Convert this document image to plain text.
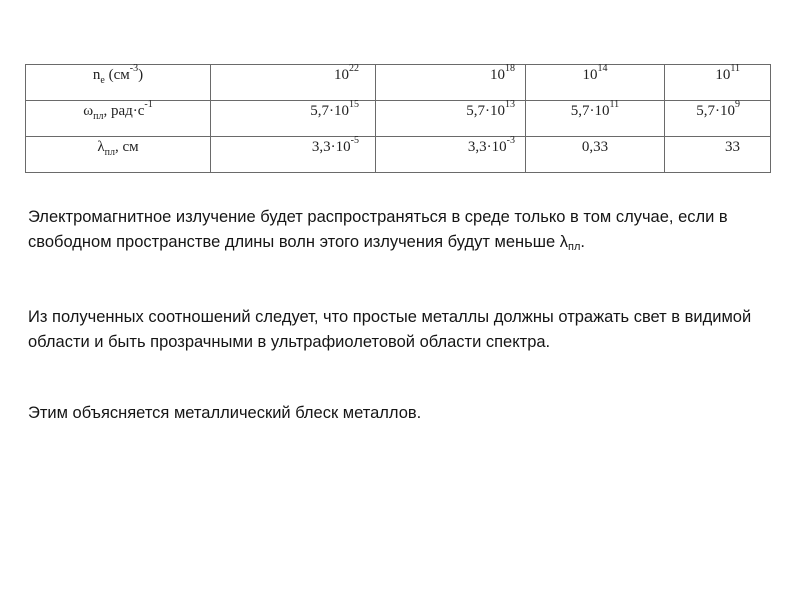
$n_e$ $(см^{-3})$	$10^{22}$	$10^{18}$	$10^{14}$	$10^{11}$
$\omega_{пл}$, $рад\cdot с^{-1}$	$5,7\cdot 10^{15}$	$5,7\cdot 10^{13}$	$5,7\cdot 10^{11}$	$5,7\cdot 10^9$
$\lambda_{пл}$, см	$3,3\cdot 10^{-5}$	$3,3\cdot 10^{-3}$	0,33	33

Электромагнитное излучение будет распространяться в среде только в том случае, если в свободном пространстве длины волн этого излучения будут меньше $\lambda_{пл}$.

Из полученных соотношений следует, что простые металлы должны отражать свет в видимой области и быть прозрачными в ультрафиолетовой области спектра.

Этим объясняется металлический блеск металлов.
